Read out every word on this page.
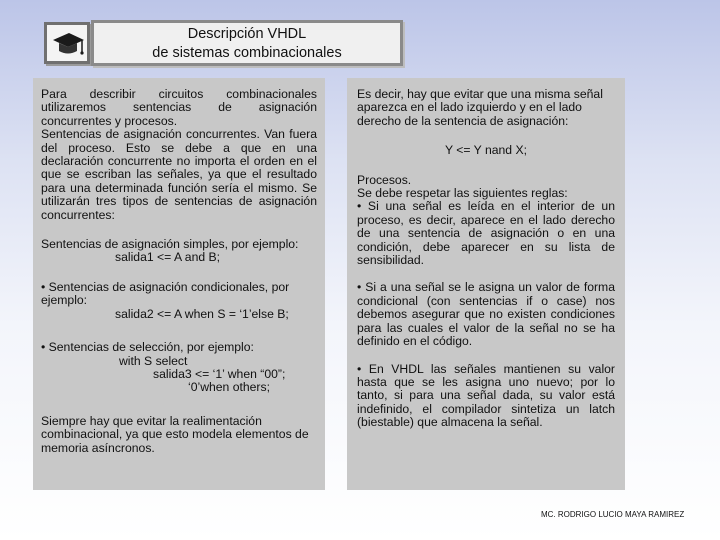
Descripción VHDL
de sistemas combinacionales

Para describir circuitos combinacionales utilizaremos sentencias de asignación concurrentes y procesos.

Sentencias de asignación concurrentes. Van fuera del proceso. Esto se debe a que en una declaración concurrente no importa el orden en el que se escriban las señales, ya que el resultado para una determinada función sería el mismo. Se utilizarán tres tipos de sentencias de asignación concurrentes:

Sentencias de asignación simples, por ejemplo:

salida1 <= A and B;

• Sentencias de asignación condicionales, por ejemplo:

salida2 <= A when S = ‘1’else B;

• Sentencias de selección, por ejemplo:

with S select

salida3 <= ‘1’ when “00”;

‘0’when others;

Siempre hay que evitar la realimentación combinacional, ya que esto modela elementos de memoria asíncronos.

Es decir, hay que evitar que una misma señal aparezca en el lado izquierdo y en el lado derecho de la sentencia de asignación:

Y <= Y nand X;

Procesos.

Se debe respetar las siguientes reglas:

• Si una señal es leída en el interior de un proceso, es decir, aparece en el lado derecho de una sentencia de asignación o en una condición, debe aparecer en su lista de sensibilidad.

• Si a una señal se le asigna un valor de forma condicional (con sentencias if o case) nos debemos asegurar que no existen condiciones para las cuales el valor de la señal no se ha definido en el código.

• En VHDL las señales mantienen su valor hasta que se les asigna uno nuevo; por lo tanto, si para una señal dada, su valor está indefinido, el compilador sintetiza un latch (biestable) que almacena la señal.

MC. RODRIGO LUCIO MAYA RAMIREZ
